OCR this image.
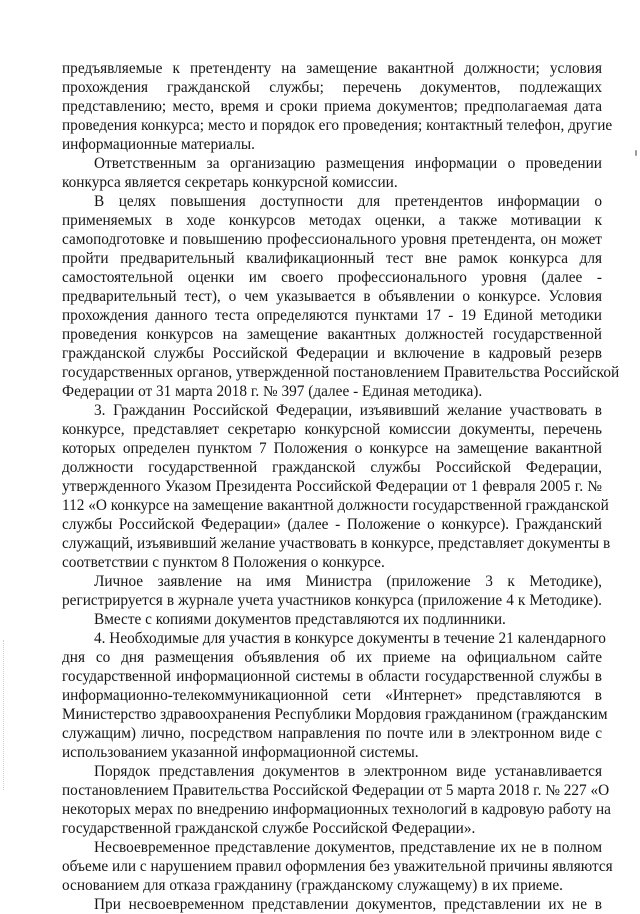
предъявляемые к претенденту на замещение вакантной должности; условия
прохождения гражданской службы; перечень документов, подлежащих
представлению; место, время и сроки приема документов; предполагаемая дата
проведения конкурса; место и порядок его проведения; контактный телефон, другие
информационные материалы.
Ответственным за организацию размещения информации о проведении
конкурса является секретарь конкурсной комиссии.
В целях повышения доступности для претендентов информации о
применяемых в ходе конкурсов методах оценки, а также мотивации к
самоподготовке и повышению профессионального уровня претендента, он может
пройти предварительный квалификационный тест вне рамок конкурса для
самостоятельной оценки им своего профессионального уровня (далее -
предварительный тест), о чем указывается в объявлении о конкурсе. Условия
прохождения данного теста определяются пунктами 17 - 19 Единой методики
проведения конкурсов на замещение вакантных должностей государственной
гражданской службы Российской Федерации и включение в кадровый резерв
государственных органов, утвержденной постановлением Правительства Российской
Федерации от 31 марта 2018 г. № 397 (далее - Единая методика).
3. Гражданин Российской Федерации, изъявивший желание участвовать в
конкурсе, представляет секретарю конкурсной комиссии документы, перечень
которых определен пунктом 7 Положения о конкурсе на замещение вакантной
должности государственной гражданской службы Российской Федерации,
утвержденного Указом Президента Российской Федерации от 1 февраля 2005 г. №
112 «О конкурсе на замещение вакантной должности государственной гражданской
службы Российской Федерации» (далее - Положение о конкурсе). Гражданский
служащий, изъявивший желание участвовать в конкурсе, представляет документы в
соответствии с пунктом 8 Положения о конкурсе.
Личное заявление на имя Министра (приложение 3 к Методике),
регистрируется в журнале учета участников конкурса (приложение 4 к Методике).
Вместе с копиями документов представляются их подлинники.
4. Необходимые для участия в конкурсе документы в течение 21 календарного
дня со дня размещения объявления об их приеме на официальном сайте
государственной информационной системы в области государственной службы в
информационно-телекоммуникационной сети «Интернет» представляются в
Министерство здравоохранения Республики Мордовия гражданином (гражданским
служащим) лично, посредством направления по почте или в электронном виде с
использованием указанной информационной системы.
Порядок представления документов в электронном виде устанавливается
постановлением Правительства Российской Федерации от 5 марта 2018 г. № 227 «О
некоторых мерах по внедрению информационных технологий в кадровую работу на
государственной гражданской службе Российской Федерации».
Несвоевременное представление документов, представление их не в полном
объеме или с нарушением правил оформления без уважительной причины являются
основанием для отказа гражданину (гражданскому служащему) в их приеме.
При несвоевременном представлении документов, представлении их не в
